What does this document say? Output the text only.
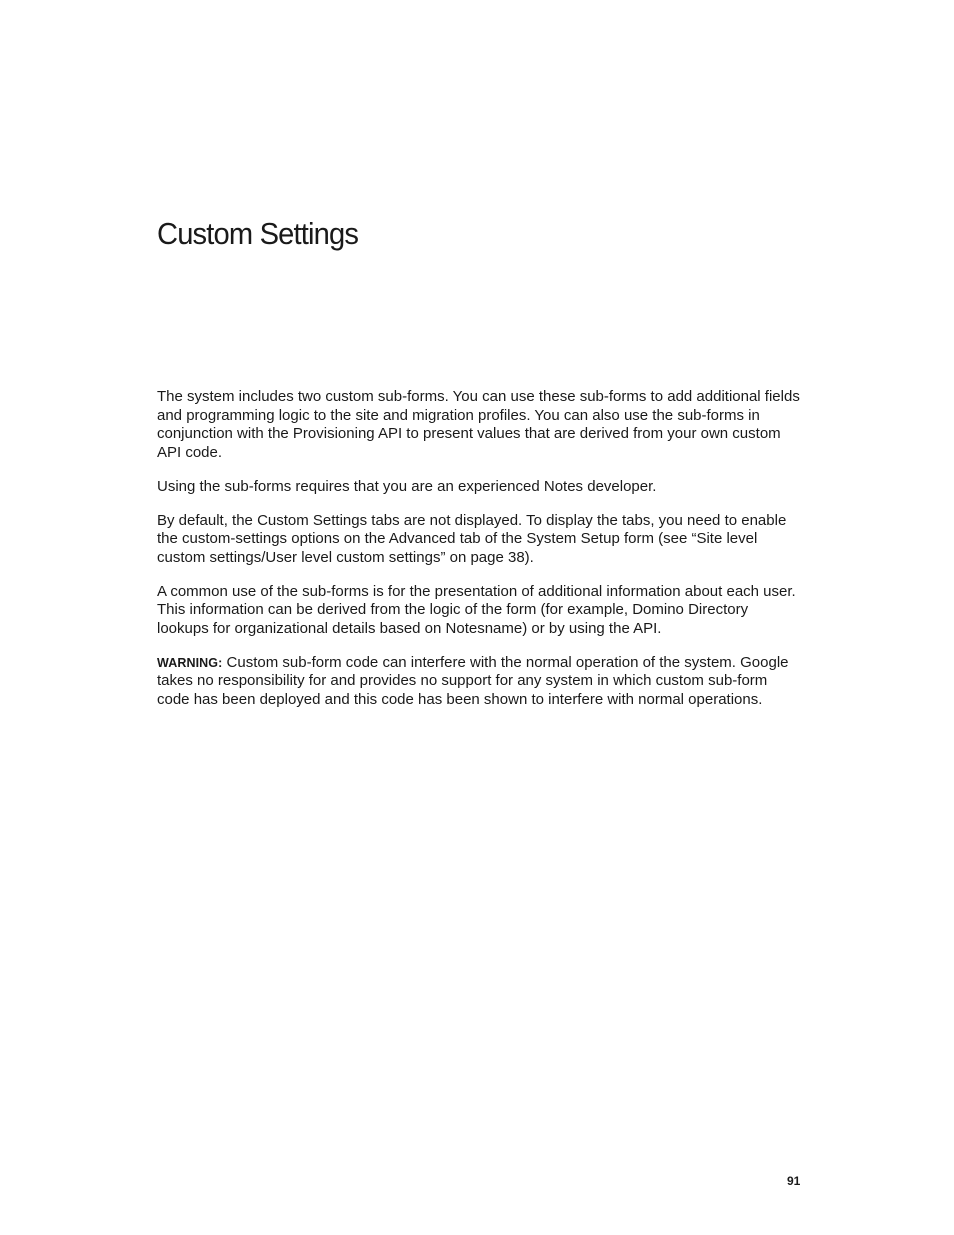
Custom Settings

The system includes two custom sub-forms. You can use these sub-forms to add additional fields and programming logic to the site and migration profiles. You can also use the sub-forms in conjunction with the Provisioning API to present values that are derived from your own custom API code.

Using the sub-forms requires that you are an experienced Notes developer.

By default, the Custom Settings tabs are not displayed. To display the tabs, you need to enable the custom-settings options on the Advanced tab of the System Setup form (see “Site level custom settings/User level custom settings” on page 38).

A common use of the sub-forms is for the presentation of additional information about each user. This information can be derived from the logic of the form (for example, Domino Directory lookups for organizational details based on Notesname) or by using the API.

WARNING: Custom sub-form code can interfere with the normal operation of the system. Google takes no responsibility for and provides no support for any system in which custom sub-form code has been deployed and this code has been shown to interfere with normal operations.

91
